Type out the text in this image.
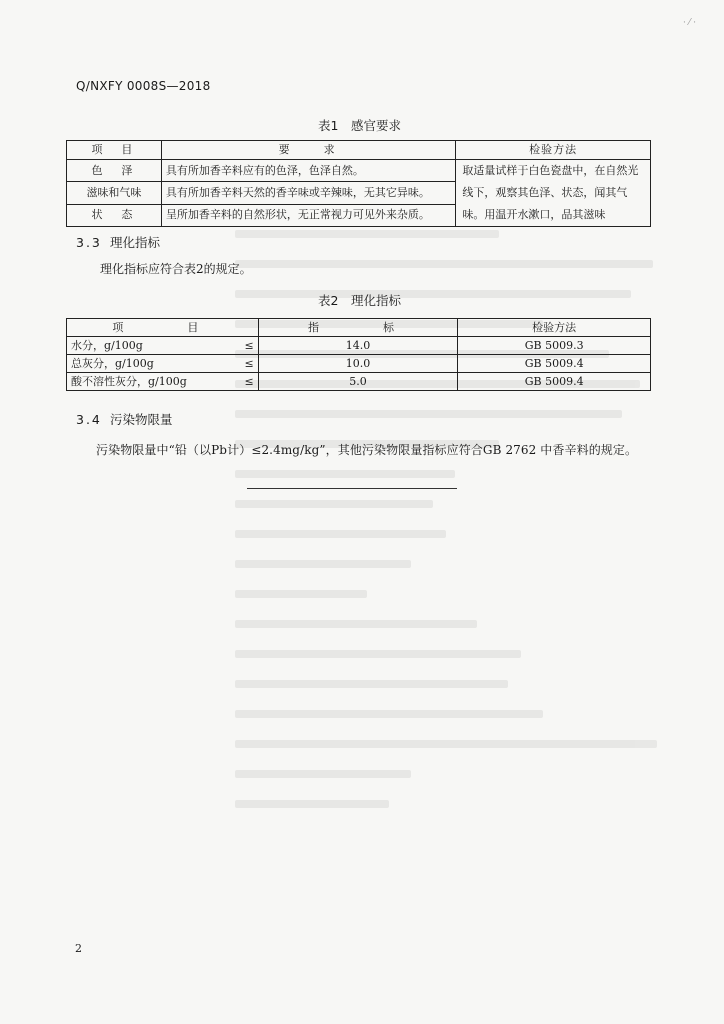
· ⁄ ·
Q/NXFY 0008S—2018
表1　感官要求
项　目	要　　求	检验方法
色　泽	具有所加香辛料应有的色泽，色泽自然。	取适量试样于白色瓷盘中，在自然光线下，观察其色泽、状态，闻其气味。用温开水漱口，品其滋味
滋味和气味	具有所加香辛料天然的香辛味或辛辣味，无其它异味。	
状　态	呈所加香辛料的自然形状，无正常视力可见外来杂质。	
3.3 理化指标
理化指标应符合表2的规定。
表2　理化指标
项　　目		指　　标	检验方法
水分，g/100g	≤	14.0	GB 5009.3
总灰分，g/100g	≤	10.0	GB 5009.4
酸不溶性灰分，g/100g	≤	5.0	GB 5009.4
3.4 污染物限量
污染物限量中“铅（以Pb计）≤2.4mg/kg”，其他污染物限量指标应符合GB 2762 中香辛料的规定。
2
